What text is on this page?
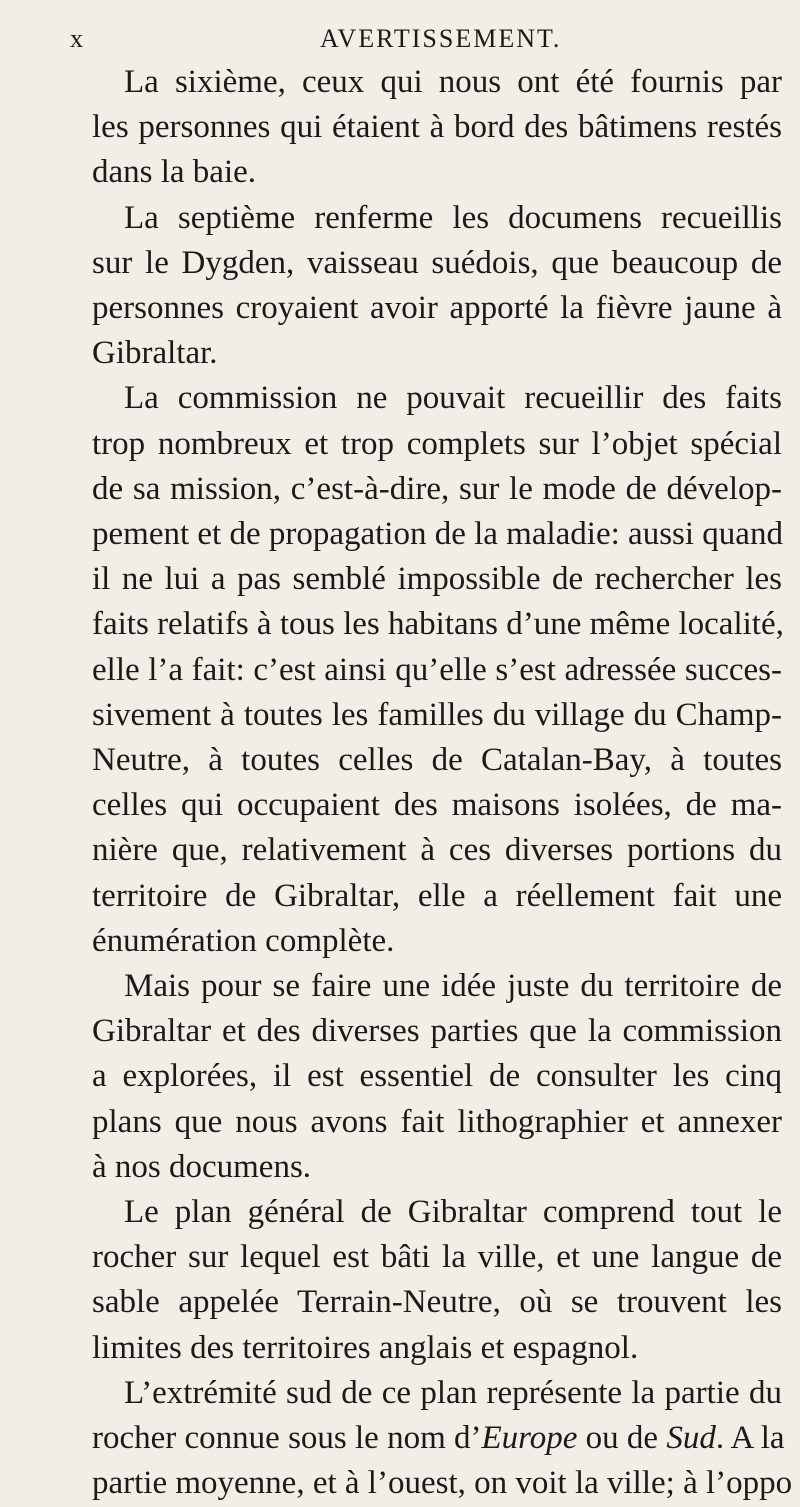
x	AVERTISSEMENT.
La sixième, ceux qui nous ont été fournis par
les personnes qui étaient à bord des bâtimens restés
dans la baie.
La septième renferme les documens recueillis
sur le Dygden, vaisseau suédois, que beaucoup de
personnes croyaient avoir apporté la fièvre jaune à
Gibraltar.
La commission ne pouvait recueillir des faits
trop nombreux et trop complets sur l’objet spécial
de sa mission, c’est-à-dire, sur le mode de dévelop-
pement et de propagation de la maladie: aussi quand
il ne lui a pas semblé impossible de rechercher les
faits relatifs à tous les habitans d’une même localité,
elle l’a fait: c’est ainsi qu’elle s’est adressée succes-
sivement à toutes les familles du village du Champ-
Neutre, à toutes celles de Catalan-Bay, à toutes
celles qui occupaient des maisons isolées, de ma-
nière que, relativement à ces diverses portions du
territoire de Gibraltar, elle a réellement fait une
énumération complète.
Mais pour se faire une idée juste du territoire de
Gibraltar et des diverses parties que la commission
a explorées, il est essentiel de consulter les cinq
plans que nous avons fait lithographier et annexer
à nos documens.
Le plan général de Gibraltar comprend tout le
rocher sur lequel est bâti la ville, et une langue de
sable appelée Terrain-Neutre, où se trouvent les
limites des territoires anglais et espagnol.
L’extrémité sud de ce plan représente la partie du
rocher connue sous le nom d’Europe ou de Sud. A la
partie moyenne, et à l’ouest, on voit la ville; à l’oppo
